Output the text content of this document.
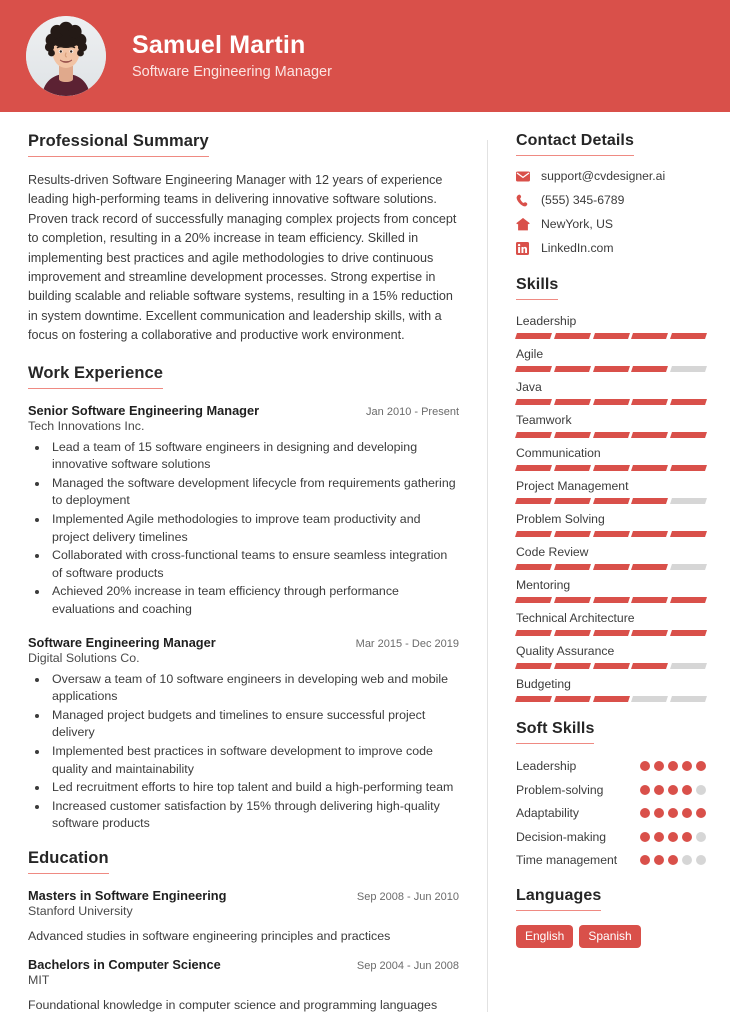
Samuel Martin
Software Engineering Manager
Professional Summary

Results-driven Software Engineering Manager with 12 years of experience leading high-performing teams in delivering innovative software solutions. Proven track record of successfully managing complex projects from concept to completion, resulting in a 20% increase in team efficiency. Skilled in implementing best practices and agile methodologies to drive continuous improvement and streamline development processes. Strong expertise in building scalable and reliable software systems, resulting in a 15% reduction in system downtime. Excellent communication and leadership skills, with a focus on fostering a collaborative and productive work environment.

Work Experience
Senior Software Engineering Manager	Jan 2010 - Present
Tech Innovations Inc.
• Lead a team of 15 software engineers in designing and developing innovative software solutions
• Managed the software development lifecycle from requirements gathering to deployment
• Implemented Agile methodologies to improve team productivity and project delivery timelines
• Collaborated with cross-functional teams to ensure seamless integration of software products
• Achieved 20% increase in team efficiency through performance evaluations and coaching
Software Engineering Manager	Mar 2015 - Dec 2019
Digital Solutions Co.
• Oversaw a team of 10 software engineers in developing web and mobile applications
• Managed project budgets and timelines to ensure successful project delivery
• Implemented best practices in software development to improve code quality and maintainability
• Led recruitment efforts to hire top talent and build a high-performing team
• Increased customer satisfaction by 15% through delivering high-quality software products
Education
Masters in Software Engineering	Sep 2008 - Jun 2010
Stanford University
Advanced studies in software engineering principles and practices
Bachelors in Computer Science	Sep 2004 - Jun 2008
MIT
Foundational knowledge in computer science and programming languages
Contact Details
support@cvdesigner.ai
(555) 345-6789
NewYork, US
LinkedIn.com
Skills
Leadership
Agile
Java
Teamwork
Communication
Project Management
Problem Solving
Code Review
Mentoring
Technical Architecture
Quality Assurance
Budgeting
Soft Skills
Leadership
Problem-solving
Adaptability
Decision-making
Time management
Languages
English	Spanish
